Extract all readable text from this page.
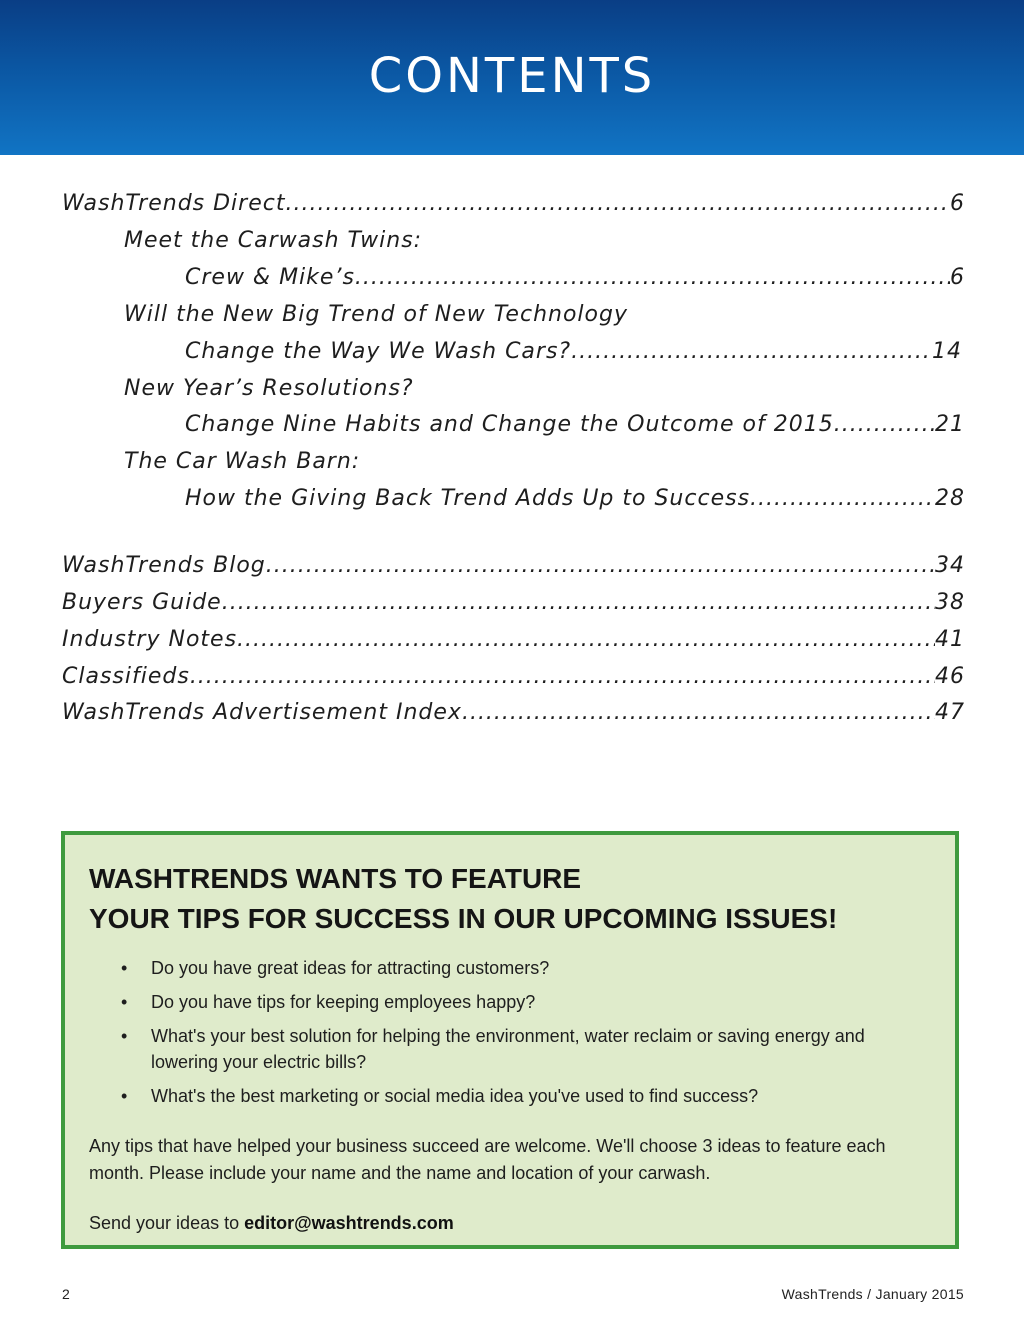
CONTENTS
WashTrends Direct .....	6
Meet the Carwash Twins:
Crew & Mike’s .....	6
Will the New Big Trend of New Technology
Change the Way We Wash Cars? .....	14
New Year’s Resolutions?
Change Nine Habits and Change the Outcome of 2015 .....	21
The Car Wash Barn:
How the Giving Back Trend Adds Up to Success .....	28
WashTrends Blog .....	34
Buyers Guide .....	38
Industry Notes .....	41
Classifieds .....	46
WashTrends Advertisement Index .....	47
WASHTRENDS WANTS TO FEATURE
YOUR TIPS FOR SUCCESS IN OUR UPCOMING ISSUES!
• Do you have great ideas for attracting customers?
• Do you have tips for keeping employees happy?
• What's your best solution for helping the environment, water reclaim or saving energy and lowering your electric bills?
• What's the best marketing or social media idea you've used to find success?
Any tips that have helped your business succeed are welcome. We'll choose 3 ideas to feature each month. Please include your name and the name and location of your carwash.
Send your ideas to editor@washtrends.com
2	WashTrends / January 2015
